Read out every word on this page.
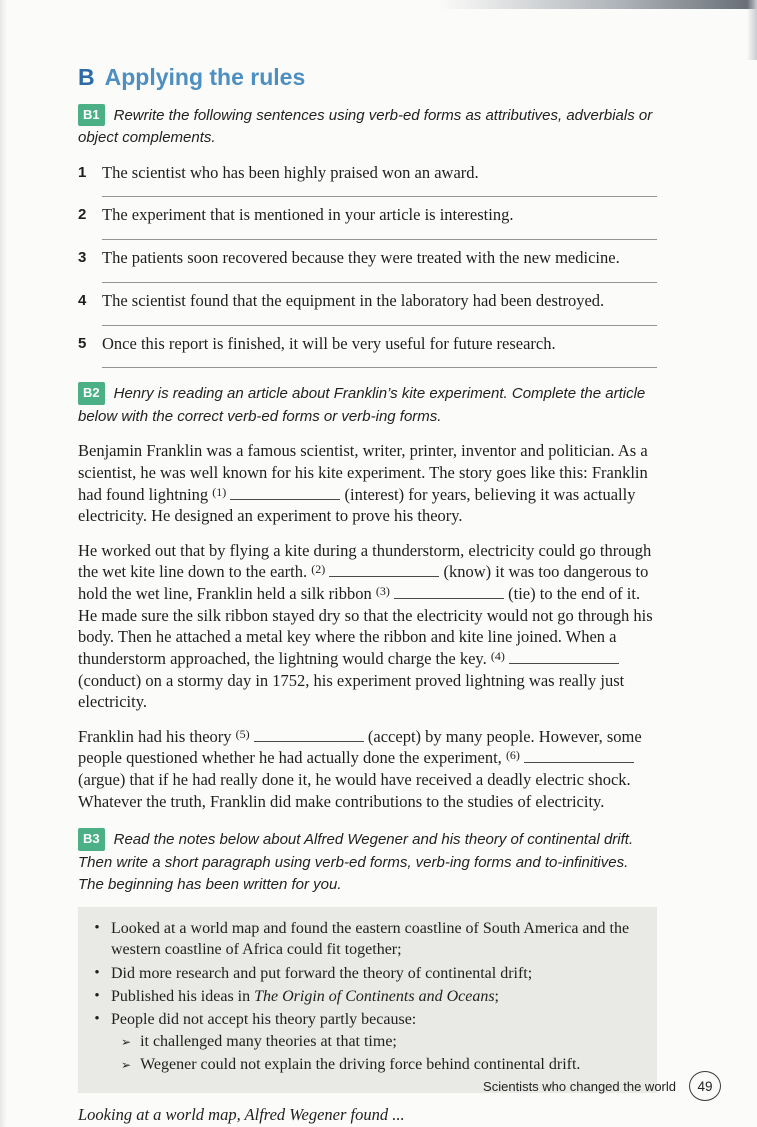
B Applying the rules

B1 Rewrite the following sentences using verb-ed forms as attributives, adverbials or object complements.

1 The scientist who has been highly praised won an award.
2 The experiment that is mentioned in your article is interesting.
3 The patients soon recovered because they were treated with the new medicine.
4 The scientist found that the equipment in the laboratory had been destroyed.
5 Once this report is finished, it will be very useful for future research.

B2 Henry is reading an article about Franklin’s kite experiment. Complete the article below with the correct verb-ed forms or verb-ing forms.

Benjamin Franklin was a famous scientist, writer, printer, inventor and politician. As a scientist, he was well known for his kite experiment. The story goes like this: Franklin had found lightning $^{(1)}$	(interest) for years, believing it was actually electricity. He designed an experiment to prove his theory.

He worked out that by flying a kite during a thunderstorm, electricity could go through the wet kite line down to the earth. $^{(2)}$	(know) it was too dangerous to hold the wet line, Franklin held a silk ribbon $^{(3)}$	(tie) to the end of it. He made sure the silk ribbon stayed dry so that the electricity would not go through his body. Then he attached a metal key where the ribbon and kite line joined. When a thunderstorm approached, the lightning would charge the key. $^{(4)}$  (conduct) on a stormy day in 1752, his experiment proved lightning was really just electricity.

Franklin had his theory $^{(5)}$	(accept) by many people. However, some people questioned whether he had actually done the experiment, $^{(6)}$  (argue) that if he had really done it, he would have received a deadly electric shock. Whatever the truth, Franklin did make contributions to the studies of electricity.

B3 Read the notes below about Alfred Wegener and his theory of continental drift. Then write a short paragraph using verb-ed forms, verb-ing forms and to-infinitives. The beginning has been written for you.

• Looked at a world map and found the eastern coastline of South America and the western coastline of Africa could fit together;
• Did more research and put forward the theory of continental drift;
• Published his ideas in The Origin of Continents and Oceans;
• People did not accept his theory partly because:
➢ it challenged many theories at that time;
➢ Wegener could not explain the driving force behind continental drift.

Looking at a world map, Alfred Wegener found ...

Scientists who changed the world	49
